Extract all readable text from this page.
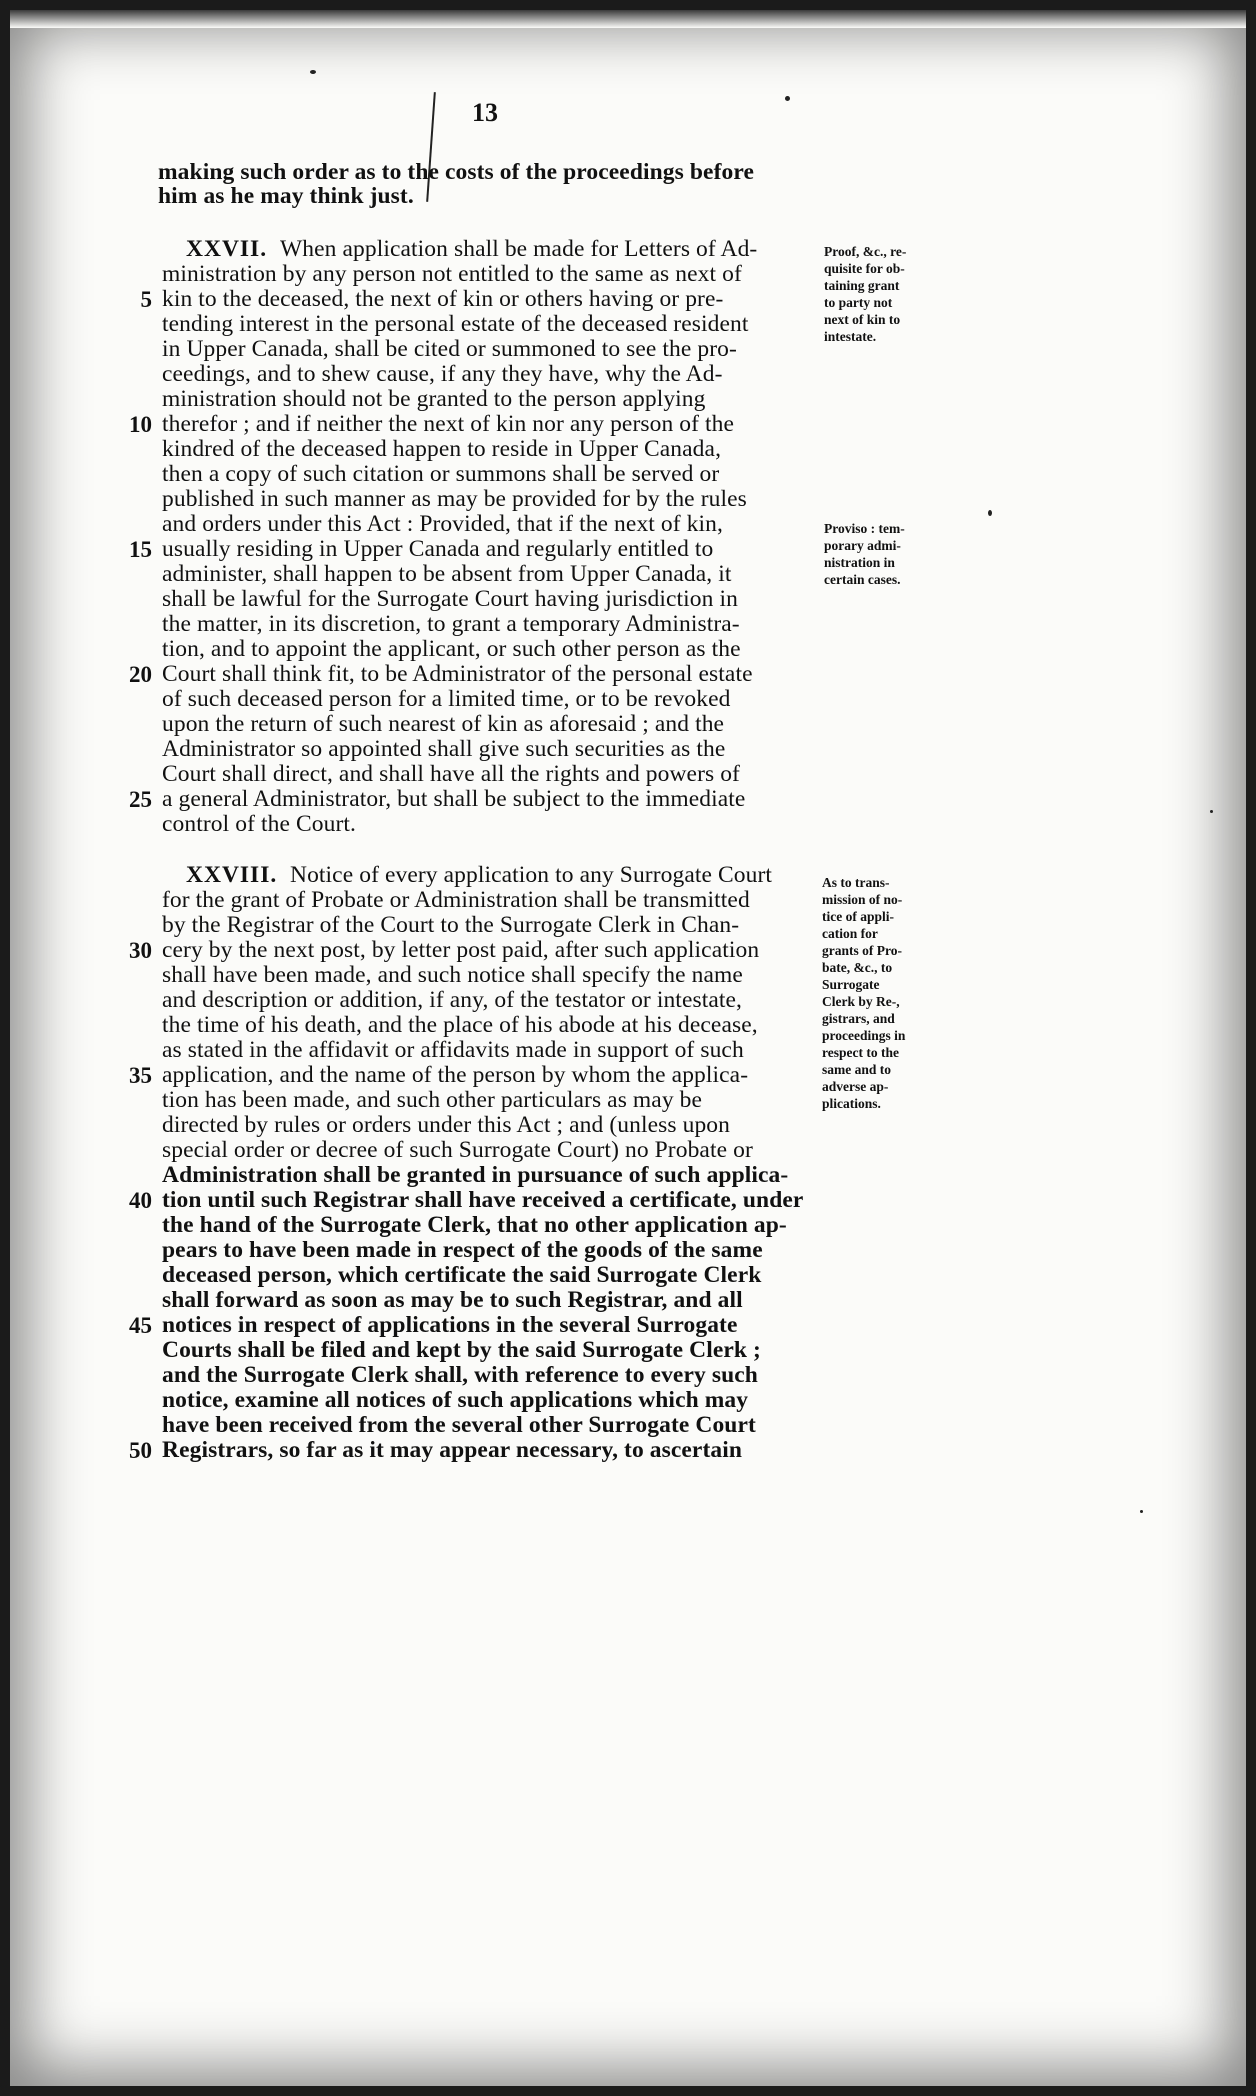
13
making such order as to the costs of the proceedings before
him as he may think just.
XXVII. When application shall be made for Letters of Ad-
ministration by any person not entitled to the same as next of
kin to the deceased, the next of kin or others having or pre-
tending interest in the personal estate of the deceased resident
in Upper Canada, shall be cited or summoned to see the pro-
ceedings, and to shew cause, if any they have, why the Ad-
ministration should not be granted to the person applying
therefor ; and if neither the next of kin nor any person of the
kindred of the deceased happen to reside in Upper Canada,
then a copy of such citation or summons shall be served or
published in such manner as may be provided for by the rules
and orders under this Act : Provided, that if the next of kin,
usually residing in Upper Canada and regularly entitled to
administer, shall happen to be absent from Upper Canada, it
shall be lawful for the Surrogate Court having jurisdiction in
the matter, in its discretion, to grant a temporary Administra-
tion, and to appoint the applicant, or such other person as the
Court shall think fit, to be Administrator of the personal estate
of such deceased person for a limited time, or to be revoked
upon the return of such nearest of kin as aforesaid ; and the
Administrator so appointed shall give such securities as the
Court shall direct, and shall have all the rights and powers of
a general Administrator, but shall be subject to the immediate
control of the Court.
XXVIII. Notice of every application to any Surrogate Court
for the grant of Probate or Administration shall be transmitted
by the Registrar of the Court to the Surrogate Clerk in Chan-
cery by the next post, by letter post paid, after such application
shall have been made, and such notice shall specify the name
and description or addition, if any, of the testator or intestate,
the time of his death, and the place of his abode at his decease,
as stated in the affidavit or affidavits made in support of such
application, and the name of the person by whom the applica-
tion has been made, and such other particulars as may be
directed by rules or orders under this Act ; and (unless upon
special order or decree of such Surrogate Court) no Probate or
Administration shall be granted in pursuance of such applica-
tion until such Registrar shall have received a certificate, under
the hand of the Surrogate Clerk, that no other application ap-
pears to have been made in respect of the goods of the same
deceased person, which certificate the said Surrogate Clerk
shall forward as soon as may be to such Registrar, and all
notices in respect of applications in the several Surrogate
Courts shall be filed and kept by the said Surrogate Clerk ;
and the Surrogate Clerk shall, with reference to every such
notice, examine all notices of such applications which may
have been received from the several other Surrogate Court
Registrars, so far as it may appear necessary, to ascertain
5
10
15
20
25
30
35
40
45
50
Proof, &c., re-
quisite for ob-
taining grant
to party not
next of kin to
intestate.
Proviso : tem-
porary admi-
nistration in
certain cases.
As to trans-
mission of no-
tice of appli-
cation for
grants of Pro-
bate, &c., to
Surrogate
Clerk by Re-,
gistrars, and
proceedings in
respect to the
same and to
adverse ap-
plications.
